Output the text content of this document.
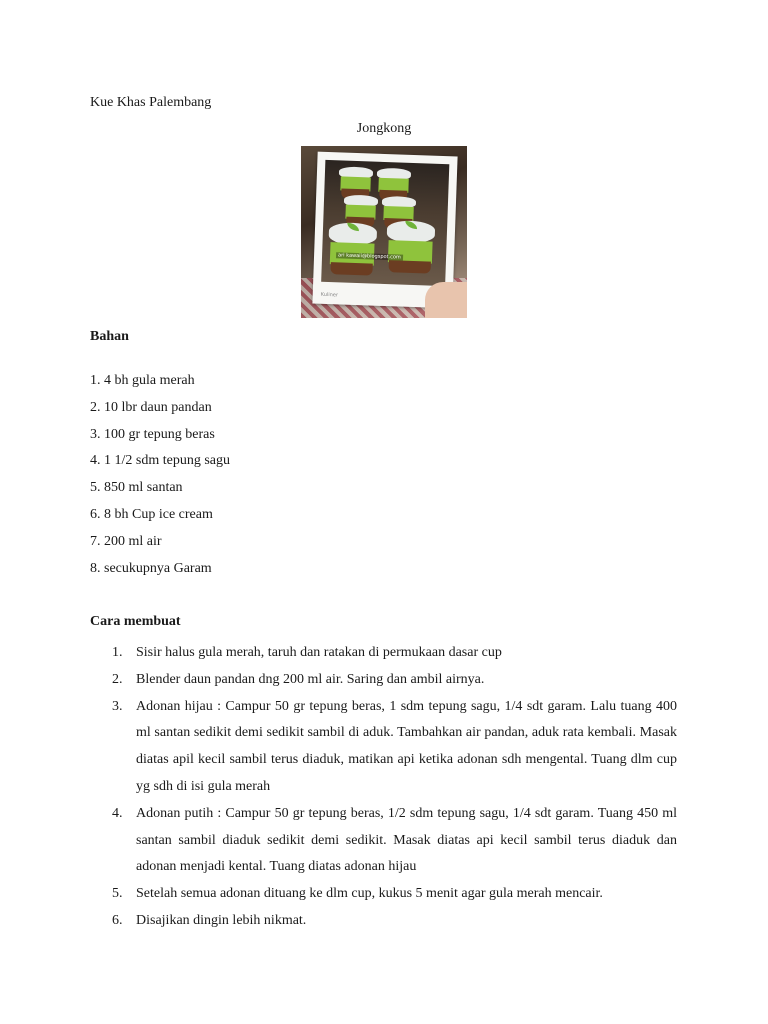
Kue Khas Palembang
Jongkong
ari kawaii@blogspot.com
Kuliner
Bahan
1. 4 bh gula merah
2. 10 lbr daun pandan
3. 100 gr tepung beras
4. 1 1/2 sdm tepung sagu
5. 850 ml santan
6. 8 bh Cup ice cream
7. 200 ml air
8. secukupnya Garam
Cara membuat
1. Sisir halus gula merah, taruh dan ratakan di permukaan dasar cup
2. Blender daun pandan dng 200 ml air. Saring dan ambil airnya.
3. Adonan hijau : Campur 50 gr tepung beras, 1 sdm tepung sagu, 1/4 sdt garam. Lalu tuang 400 ml santan sedikit demi sedikit sambil di aduk. Tambahkan air pandan, aduk rata kembali. Masak diatas apil kecil sambil terus diaduk, matikan api ketika adonan sdh mengental. Tuang dlm cup yg sdh di isi gula merah
4. Adonan putih : Campur 50 gr tepung beras, 1/2 sdm tepung sagu, 1/4 sdt garam. Tuang 450 ml santan sambil diaduk sedikit demi sedikit. Masak diatas api kecil sambil terus diaduk dan adonan menjadi kental. Tuang diatas adonan hijau
5. Setelah semua adonan dituang ke dlm cup, kukus 5 menit agar gula merah mencair.
6. Disajikan dingin lebih nikmat.
